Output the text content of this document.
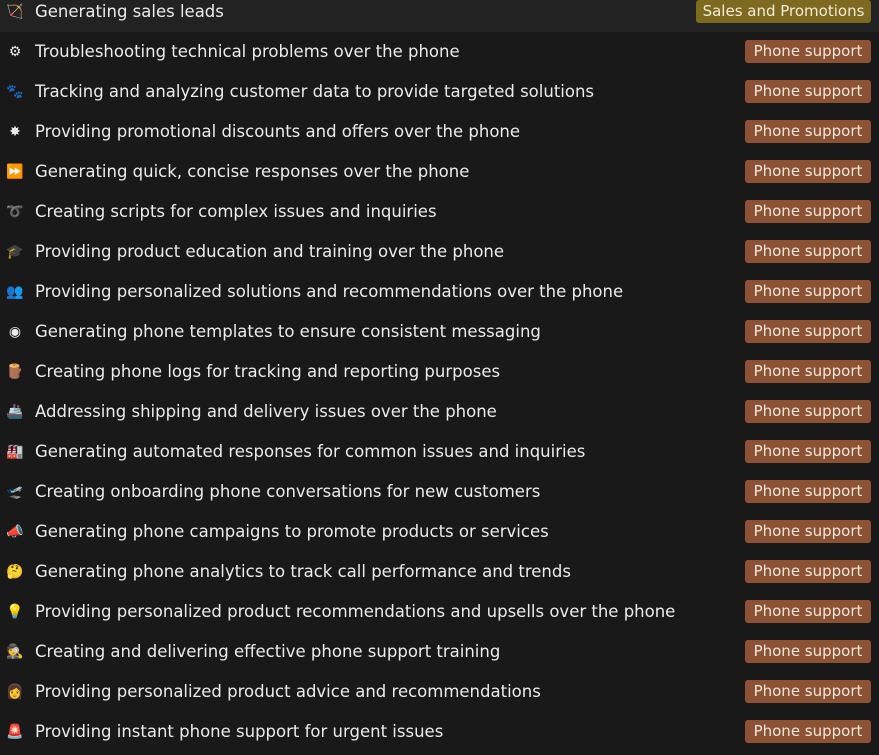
🏹 Generating sales leads	Sales and Promotions
⚙ Troubleshooting technical problems over the phone	Phone support
🐾 Tracking and analyzing customer data to provide targeted solutions	Phone support
✸ Providing promotional discounts and offers over the phone	Phone support
⏩ Generating quick, concise responses over the phone	Phone support
➰ Creating scripts for complex issues and inquiries	Phone support
🎓 Providing product education and training over the phone	Phone support
👥 Providing personalized solutions and recommendations over the phone	Phone support
◉ Generating phone templates to ensure consistent messaging	Phone support
🪵 Creating phone logs for tracking and reporting purposes	Phone support
🚢 Addressing shipping and delivery issues over the phone	Phone support
🏭 Generating automated responses for common issues and inquiries	Phone support
🛫 Creating onboarding phone conversations for new customers	Phone support
📣 Generating phone campaigns to promote products or services	Phone support
🤔 Generating phone analytics to track call performance and trends	Phone support
💡 Providing personalized product recommendations and upsells over the phone	Phone support
🕵 Creating and delivering effective phone support training	Phone support
👩 Providing personalized product advice and recommendations	Phone support
🚨 Providing instant phone support for urgent issues	Phone support
